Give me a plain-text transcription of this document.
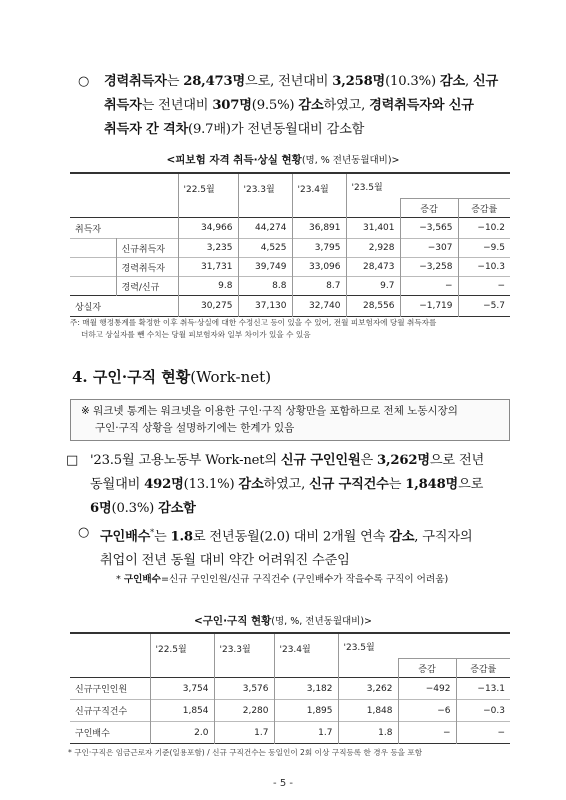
○	경력취득자는 28,473명으로, 전년대비 3,258명(10.3%) 감소, 신규
취득자는 전년대비 307명(9.5%) 감소하였고, 경력취득자와 신규
취득자 간 격차(9.7배)가 전년동월대비 감소함
<피보험 자격 취득·상실 현황(명, % 전년동월대비)>
		'22.5월	'23.3월	'23.4월	'23.5월		
						증감	증감률
취득자		34,966	44,274	36,891	31,401	−3,565	−10.2
	신규취득자	3,235	4,525	3,795	2,928	−307	−9.5
	경력취득자	31,731	39,749	33,096	28,473	−3,258	−10.3
	경력/신규	9.8	8.8	8.7	9.7	−	−
상실자		30,275	37,130	32,740	28,556	−1,719	−5.7
주: 매월 행정통계를 확정한 이후 취득·상실에 대한 수정신고 등이 있을 수 있어, 전월 피보험자에 당월 취득자를
더하고 상실자를 뺀 수치는 당월 피보험자와 일부 차이가 있을 수 있음
4. 구인·구직 현황(Work-net)
※ 워크넷 통계는 워크넷을 이용한 구인·구직 상황만을 포함하므로 전체 노동시장의
구인·구직 상황을 설명하기에는 한계가 있음
□ '23.5월 고용노동부 Work-net의 신규 구인인원은 3,262명으로 전년
동월대비 492명(13.1%) 감소하였고, 신규 구직건수는 1,848명으로
6명(0.3%) 감소함
○ 구인배수*는 1.8로 전년동월(2.0) 대비 2개월 연속 감소, 구직자의
취업이 전년 동월 대비 약간 어려워진 수준임
* 구인배수=신규 구인인원/신규 구직건수 (구인배수가 작을수록 구직이 어려움)
<구인·구직 현황(명, %, 전년동월대비)>
	'22.5월	'23.3월	'23.4월	'23.5월		
					증감	증감률
신규구인인원	3,754	3,576	3,182	3,262	−492	−13.1
신규구직건수	1,854	2,280	1,895	1,848	−6	−0.3
구인배수	2.0	1.7	1.7	1.8	−	−
* 구인·구직은 임금근로자 기준(일용포함) / 신규 구직건수는 동일인이 2회 이상 구직등록 한 경우 등을 포함
- 5 -
